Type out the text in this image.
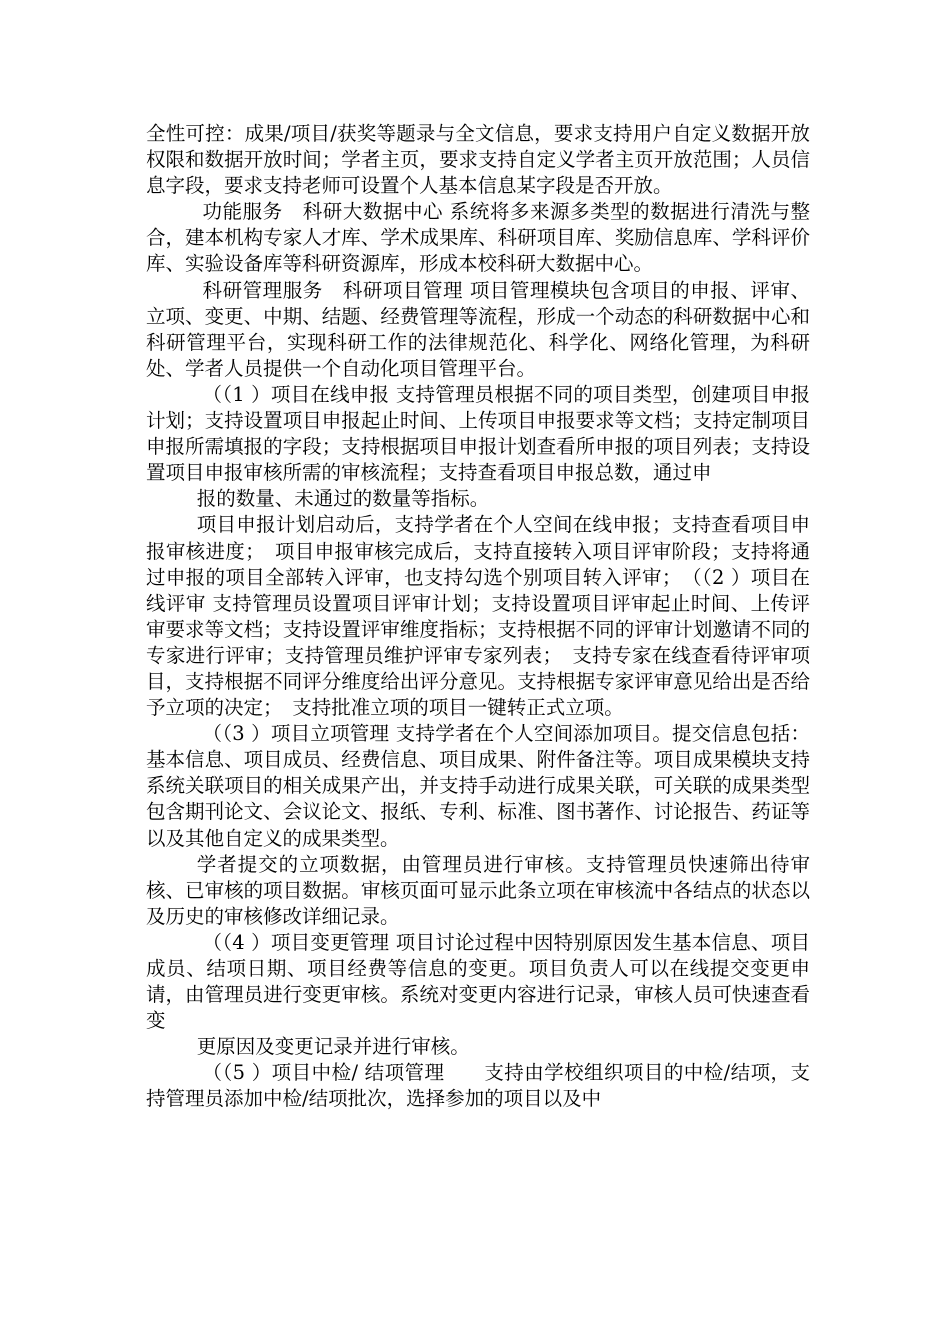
全性可控：成果/项目/获奖等题录与全文信息，要求支持用户自定义数据开放权限和数据开放时间；学者主页，要求支持自定义学者主页开放范围；人员信息字段，要求支持老师可设置个人基本信息某字段是否开放。

功能服务　科研大数据中心 系统将多来源多类型的数据进行清洗与整合，建本机构专家人才库、学术成果库、科研项目库、奖励信息库、学科评价库、实验设备库等科研资源库，形成本校科研大数据中心。

科研管理服务　科研项目管理 项目管理模块包含项目的申报、评审、立项、变更、中期、结题、经费管理等流程，形成一个动态的科研数据中心和科研管理平台，实现科研工作的法律规范化、科学化、网络化管理，为科研处、学者人员提供一个自动化项目管理平台。

（（1 ）项目在线申报 支持管理员根据不同的项目类型，创建项目申报计划；支持设置项目申报起止时间、上传项目申报要求等文档；支持定制项目申报所需填报的字段；支持根据项目申报计划查看所申报的项目列表；支持设置项目申报审核所需的审核流程；支持查看项目申报总数，通过申

报的数量、未通过的数量等指标。

项目申报计划启动后，支持学者在个人空间在线申报；支持查看项目申报审核进度；　项目申报审核完成后，支持直接转入项目评审阶段；支持将通过申报的项目全部转入评审，也支持勾选个别项目转入评审；　（（2 ）项目在线评审 支持管理员设置项目评审计划；支持设置项目评审起止时间、上传评审要求等文档；支持设置评审维度指标；支持根据不同的评审计划邀请不同的专家进行评审；支持管理员维护评审专家列表；　支持专家在线查看待评审项目，支持根据不同评分维度给出评分意见。支持根据专家评审意见给出是否给予立项的决定；　支持批准立项的项目一键转正式立项。

（（3 ）项目立项管理 支持学者在个人空间添加项目。提交信息包括：基本信息、项目成员、经费信息、项目成果、附件备注等。项目成果模块支持系统关联项目的相关成果产出，并支持手动进行成果关联，可关联的成果类型包含期刊论文、会议论文、报纸、专利、标准、图书著作、讨论报告、药证等以及其他自定义的成果类型。

学者提交的立项数据，由管理员进行审核。支持管理员快速筛出待审核、已审核的项目数据。审核页面可显示此条立项在审核流中各结点的状态以及历史的审核修改详细记录。

（（4 ）项目变更管理 项目讨论过程中因特别原因发生基本信息、项目成员、结项日期、项目经费等信息的变更。项目负责人可以在线提交变更申请，由管理员进行变更审核。系统对变更内容进行记录，审核人员可快速查看变

更原因及变更记录并进行审核。

（（5 ）项目中检/ 结项管理　　支持由学校组织项目的中检/结项，支持管理员添加中检/结项批次，选择参加的项目以及中
